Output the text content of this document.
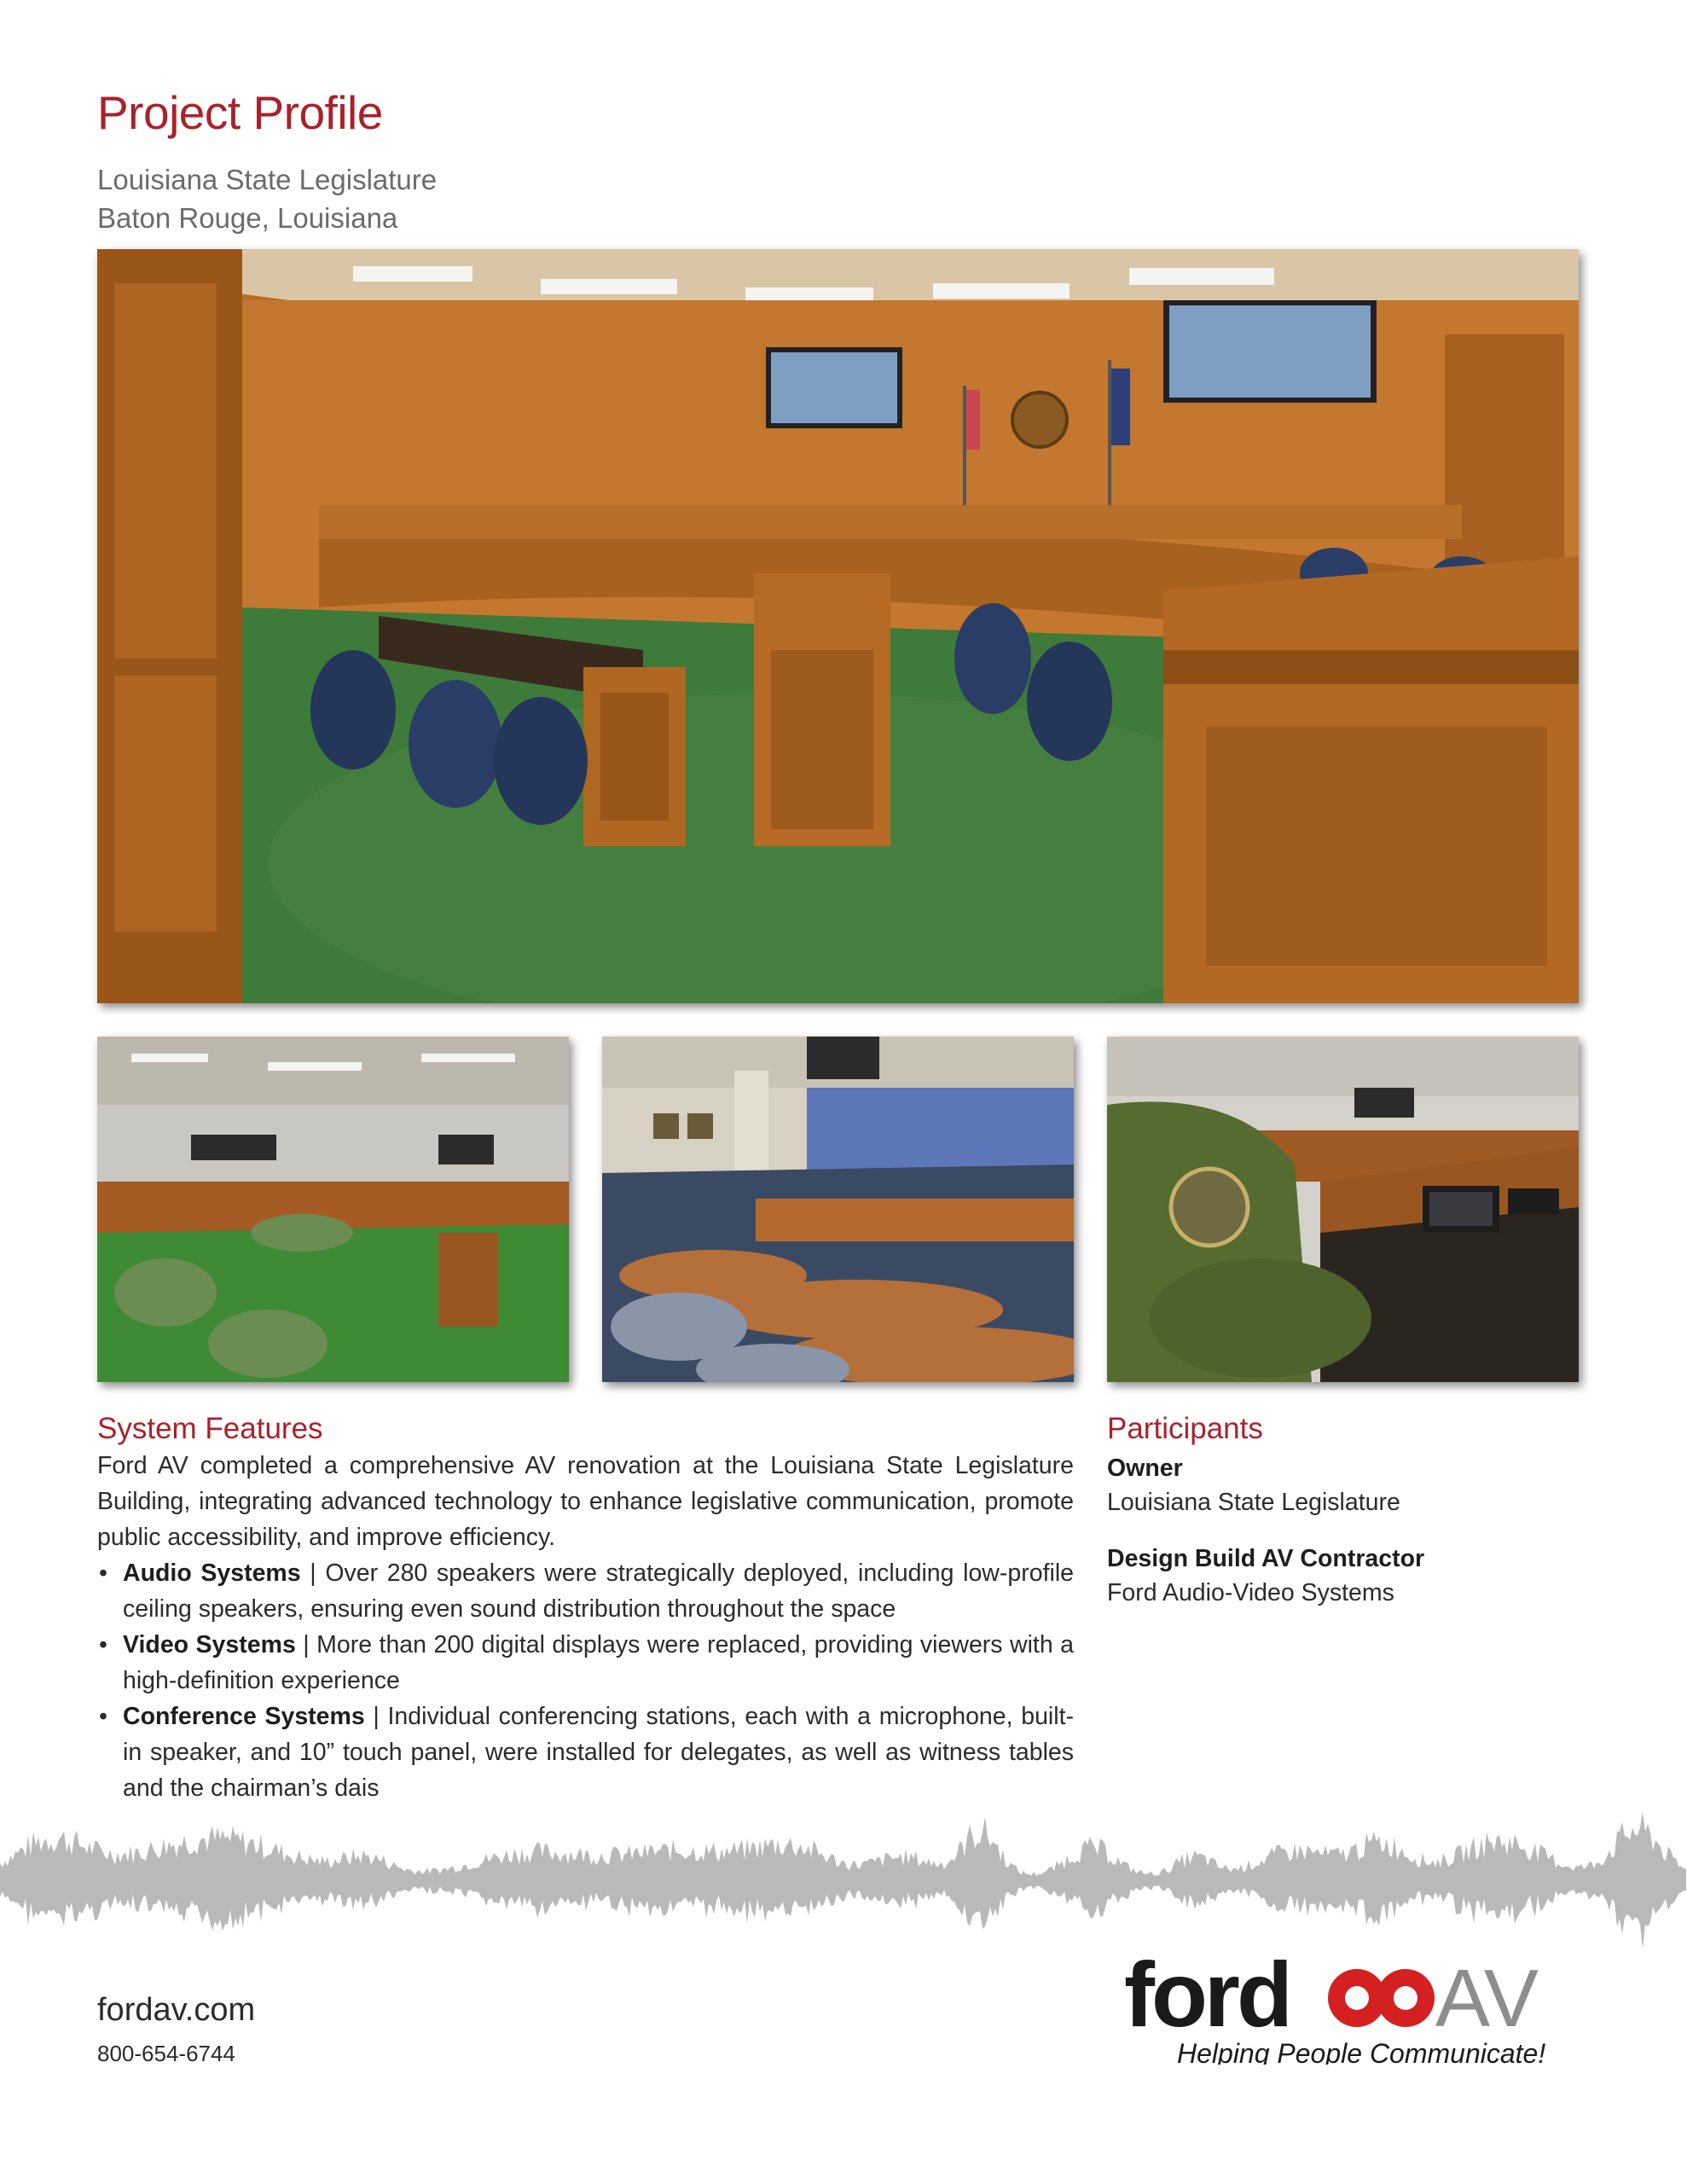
Project Profile
Louisiana State Legislature
Baton Rouge, Louisiana
System Features
Ford AV completed a comprehensive AV renovation at the Louisiana State Legislature Building, integrating advanced technology to enhance legislative communication, promote public accessibility, and improve efficiency.
• Audio Systems | Over 280 speakers were strategically deployed, including low-profile ceiling speakers, ensuring even sound distribution throughout the space
• Video Systems | More than 200 digital displays were replaced, providing viewers with a high-definition experience
• Conference Systems | Individual conferencing stations, each with a microphone, built-in speaker, and 10” touch panel, were installed for delegates, as well as witness tables and the chairman’s dais
Participants
Owner
Louisiana State Legislature
Design Build AV Contractor
Ford Audio-Video Systems
fordav.com
800-654-6744
ford AV
Helping People Communicate!
